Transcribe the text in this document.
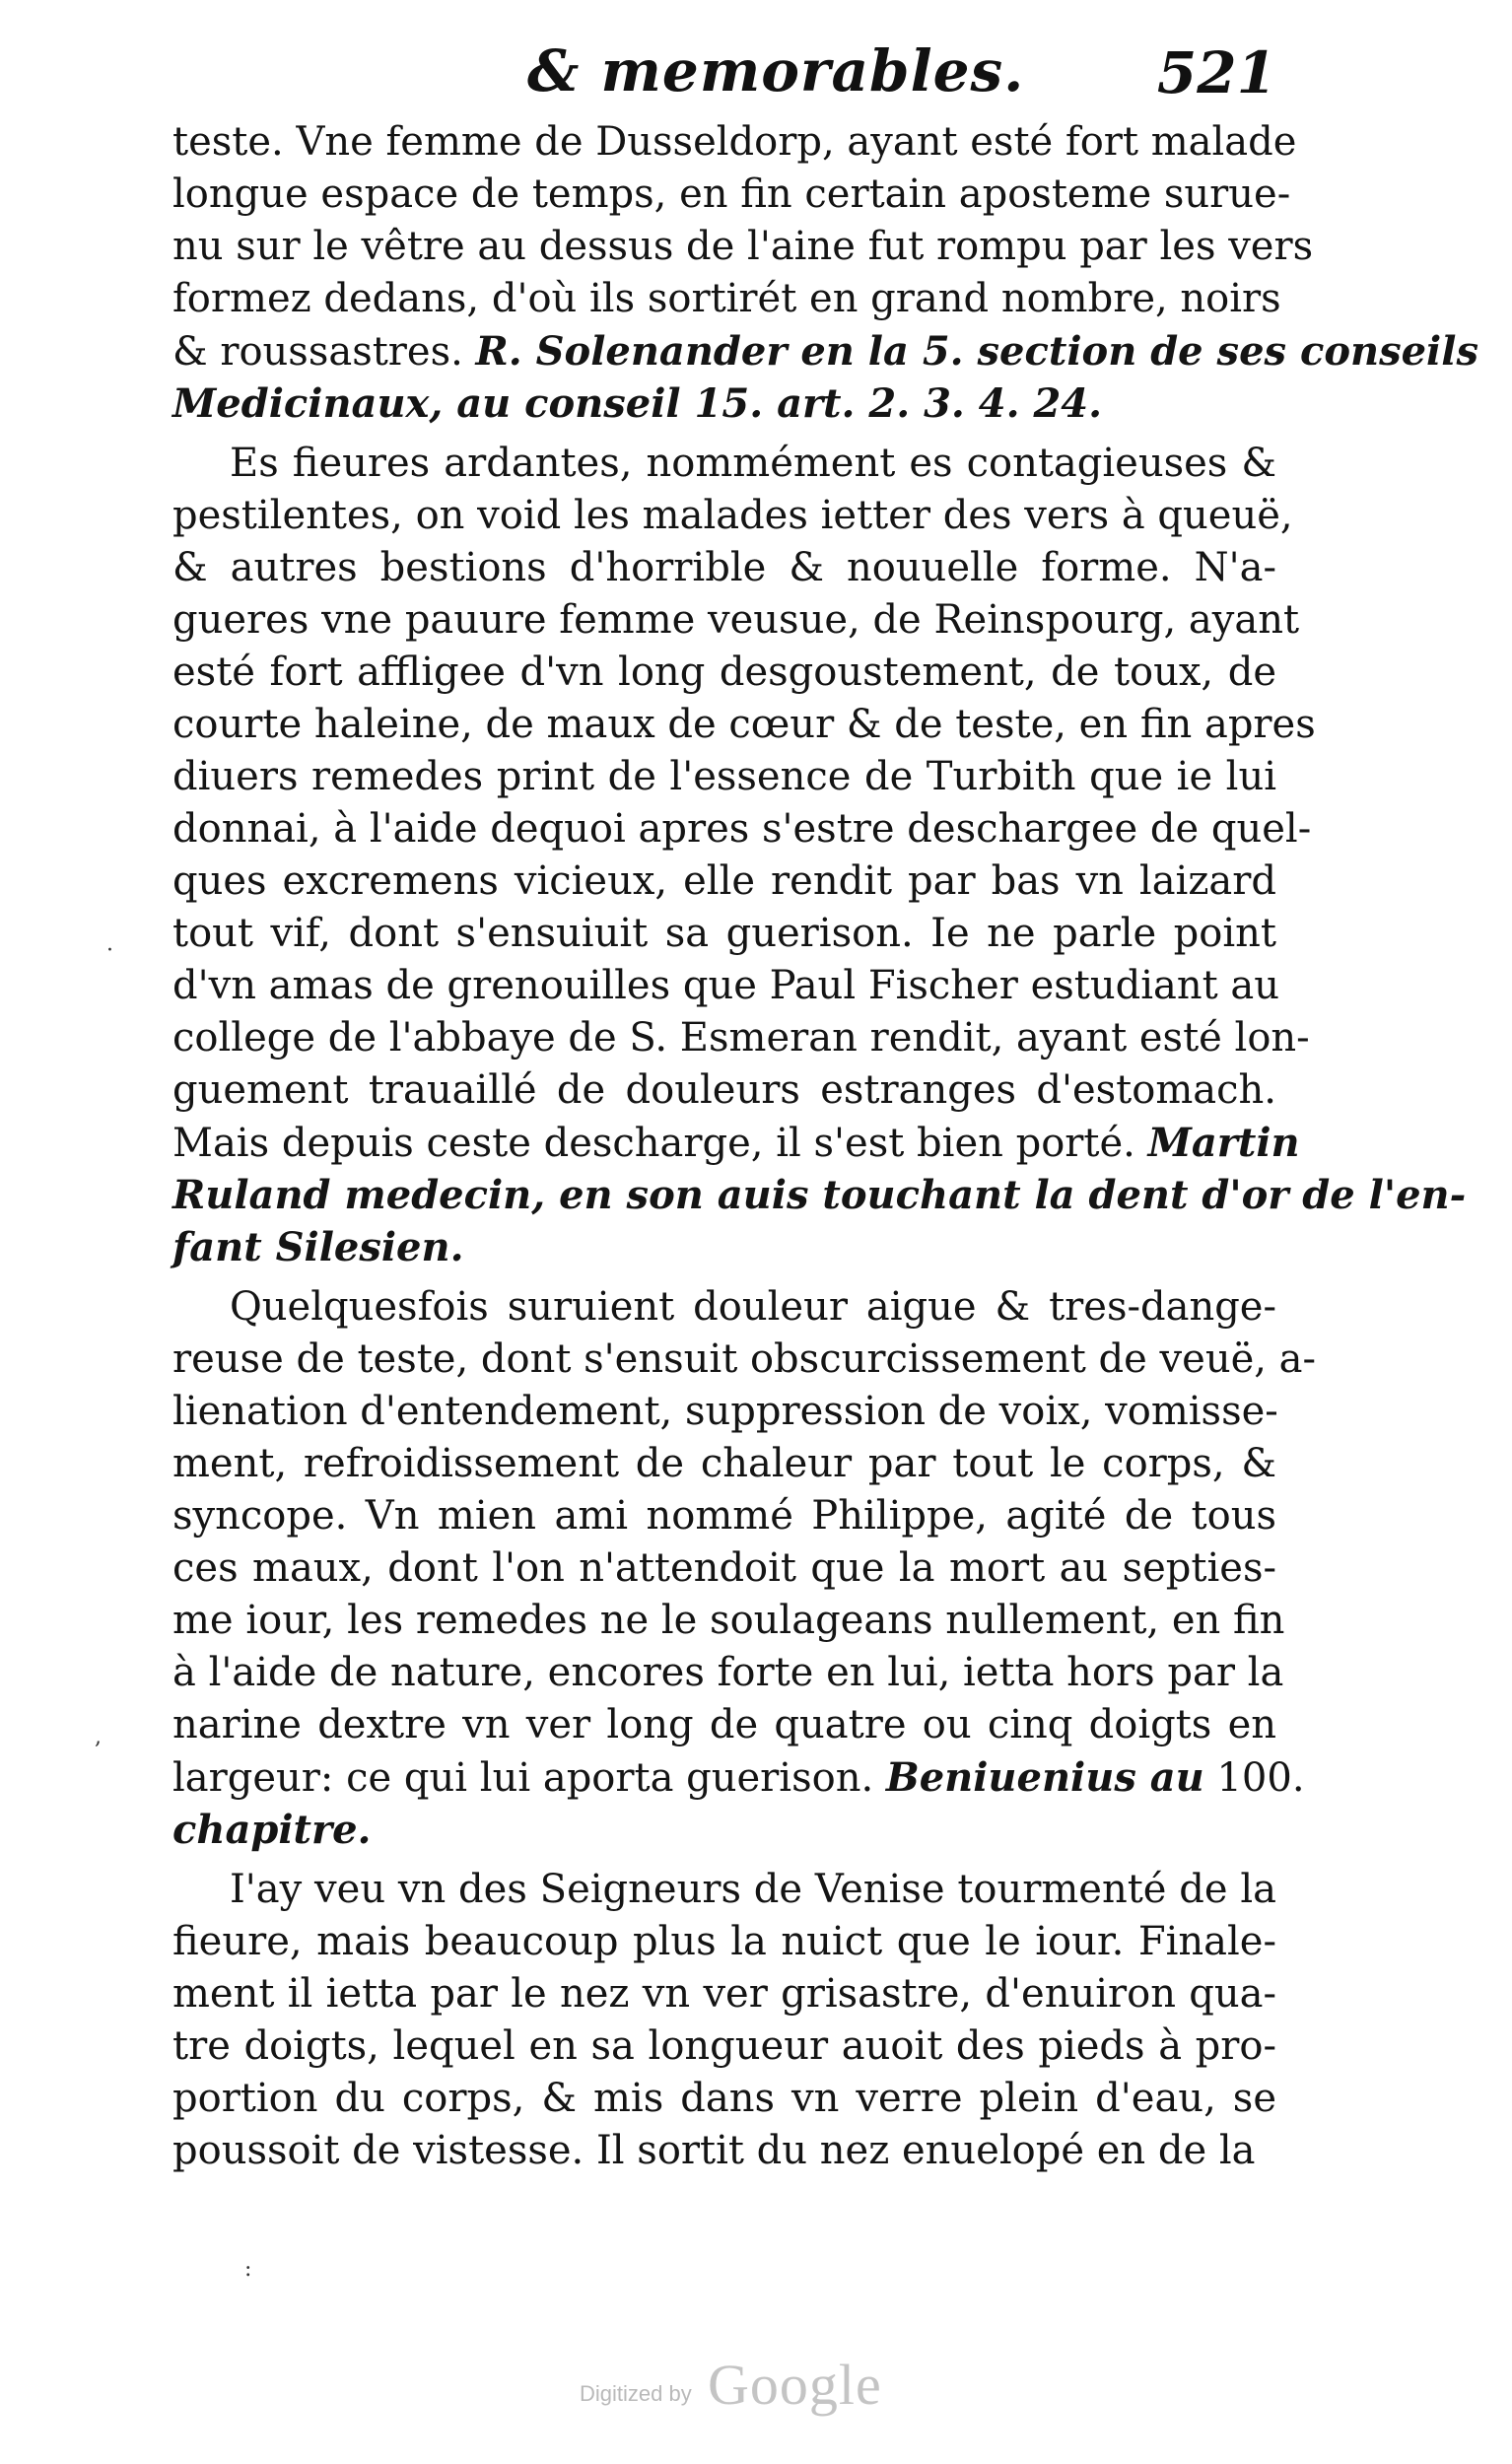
& memorables. 521
teste. Vne femme de Dusseldorp, ayant esté fort malade
longue espace de temps, en fin certain aposteme surue-
nu sur le vêtre au dessus de l'aine fut rompu par les vers
formez dedans, d'où ils sortirét en grand nombre, noirs
& roussastres. R. Solenander en la 5. section de ses conseils
Medicinaux, au conseil 15. art. 2. 3. 4. 24.
Es fieures ardantes, nommément es contagieuses &
pestilentes, on void les malades ietter des vers à queuë,
& autres bestions d'horrible & nouuelle forme. N'a-
gueres vne pauure femme veusue, de Reinspourg, ayant
esté fort affligee d'vn long desgoustement, de toux, de
courte haleine, de maux de cœur & de teste, en fin apres
diuers remedes print de l'essence de Turbith que ie lui
donnai, à l'aide dequoi apres s'estre deschargee de quel-
ques excremens vicieux, elle rendit par bas vn laizard
tout vif, dont s'ensuiuit sa guerison. Ie ne parle point
d'vn amas de grenouilles que Paul Fischer estudiant au
college de l'abbaye de S. Esmeran rendit, ayant esté lon-
guement trauaillé de douleurs estranges d'estomach.
Mais depuis ceste descharge, il s'est bien porté. Martin
Ruland medecin, en son auis touchant la dent d'or de l'en-
fant Silesien.
Quelquesfois suruient douleur aigue & tres-dange-
reuse de teste, dont s'ensuit obscurcissement de veuë, a-
lienation d'entendement, suppression de voix, vomisse-
ment, refroidissement de chaleur par tout le corps, &
syncope. Vn mien ami nommé Philippe, agité de tous
ces maux, dont l'on n'attendoit que la mort au septies-
me iour, les remedes ne le soulageans nullement, en fin
à l'aide de nature, encores forte en lui, ietta hors par la
narine dextre vn ver long de quatre ou cinq doigts en
largeur: ce qui lui aporta guerison. Beniuenius au 100.
chapitre.
I'ay veu vn des Seigneurs de Venise tourmenté de la
fieure, mais beaucoup plus la nuict que le iour. Finale-
ment il ietta par le nez vn ver grisastre, d'enuiron qua-
tre doigts, lequel en sa longueur auoit des pieds à pro-
portion du corps, & mis dans vn verre plein d'eau, se
poussoit de vistesse. Il sortit du nez enuelopé en de la
·
,
:
Digitized by Google
